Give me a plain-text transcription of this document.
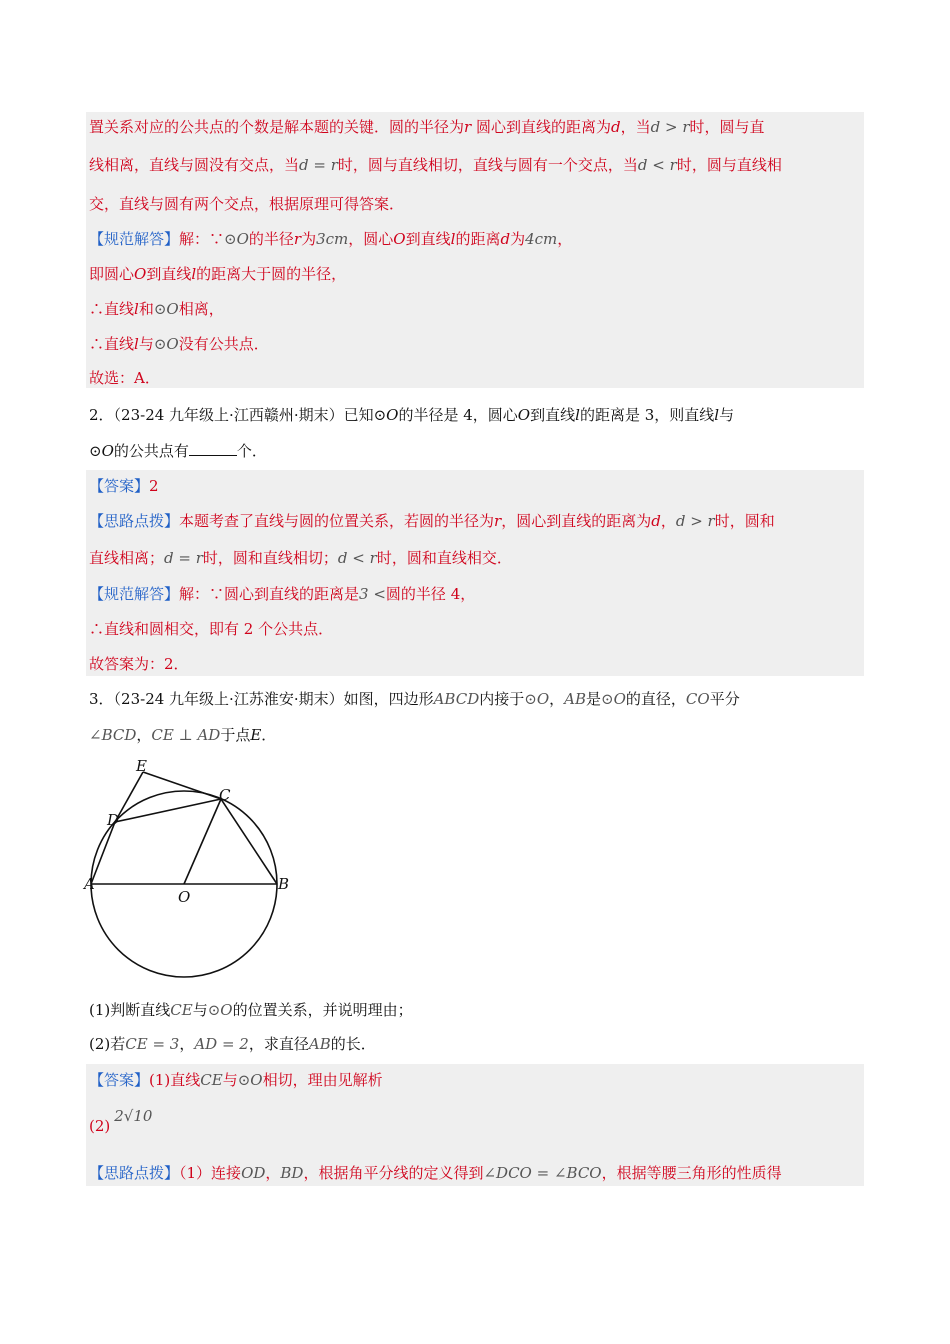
置关系对应的公共点的个数是解本题的关键．圆的半径为r 圆心到直线的距离为d，当d > r时，圆与直
线相离，直线与圆没有交点，当d = r时，圆与直线相切，直线与圆有一个交点，当d < r时，圆与直线相
交，直线与圆有两个交点，根据原理可得答案．
【规范解答】解：∵⊙O的半径r为3cm，圆心O到直线l的距离d为4cm，
即圆心O到直线l的距离大于圆的半径，
∴直线l和⊙O相离，
∴直线l与⊙O没有公共点．
故选：A．
2．（23-24 九年级上·江西赣州·期末）已知⊙O的半径是 4，圆心O到直线l的距离是 3，则直线l与
⊙O的公共点有	个．
【答案】2
【思路点拨】本题考查了直线与圆的位置关系，若圆的半径为r，圆心到直线的距离为d，d > r时，圆和
直线相离；d = r时，圆和直线相切；d < r时，圆和直线相交．
【规范解答】解：∵圆心到直线的距离是3 <圆的半径 4，
∴直线和圆相交，即有 2 个公共点．
故答案为：2．
3．（23-24 九年级上·江苏淮安·期末）如图，四边形ABCD内接于⊙O，AB是⊙O的直径，CO平分
∠BCD，CE ⊥ AD于点E．
A	B
C
D
E
O
(1)判断直线CE与⊙O的位置关系，并说明理由；
(2)若CE = 3，AD = 2，求直径AB的长．
【答案】(1)直线CE与⊙O相切，理由见解析
(2)2√10
【思路点拨】（1）连接OD，BD，根据角平分线的定义得到∠DCO = ∠BCO，根据等腰三角形的性质得
